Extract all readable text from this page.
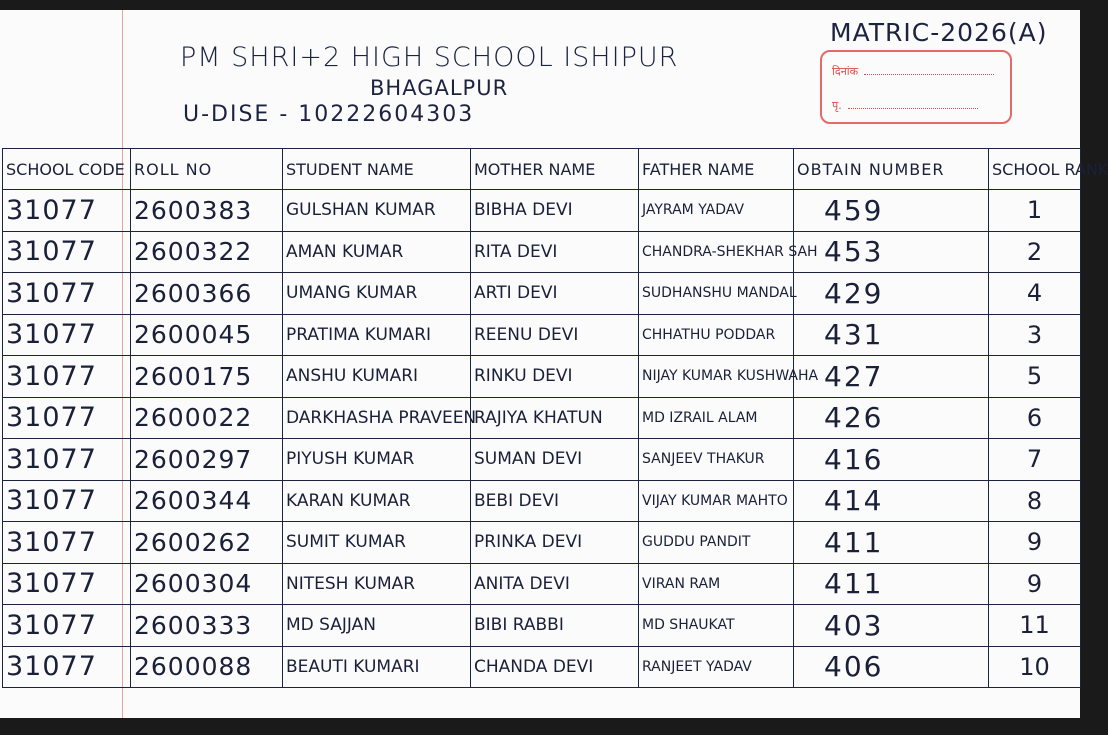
PM SHRI+2 HIGH SCHOOL ISHIPUR
BHAGALPUR
U-DISE - 10222604303
MATRIC-2026(A)
दिनांक
पृ.
SCHOOL CODE	ROLL NO	STUDENT NAME	MOTHER NAME	FATHER NAME	OBTAIN NUMBER	SCHOOL RANK
31077	2600383	GULSHAN KUMAR	BIBHA DEVI	JAYRAM YADAV	459	1
31077	2600322	AMAN KUMAR	RITA DEVI	CHANDRA-SHEKHAR SAH	453	2
31077	2600366	UMANG KUMAR	ARTI DEVI	SUDHANSHU MANDAL	429	4
31077	2600045	PRATIMA KUMARI	REENU DEVI	CHHATHU PODDAR	431	3
31077	2600175	ANSHU KUMARI	RINKU DEVI	NIJAY KUMAR KUSHWAHA	427	5
31077	2600022	DARKHASHA PRAVEEN	RAJIYA KHATUN	MD IZRAIL ALAM	426	6
31077	2600297	PIYUSH KUMAR	SUMAN DEVI	SANJEEV THAKUR	416	7
31077	2600344	KARAN KUMAR	BEBI DEVI	VIJAY KUMAR MAHTO	414	8
31077	2600262	SUMIT KUMAR	PRINKA DEVI	GUDDU PANDIT	411	9
31077	2600304	NITESH KUMAR	ANITA DEVI	VIRAN RAM	411	9
31077	2600333	MD SAJJAN	BIBI RABBI	MD SHAUKAT	403	11
31077	2600088	BEAUTI KUMARI	CHANDA DEVI	RANJEET YADAV	406	10
